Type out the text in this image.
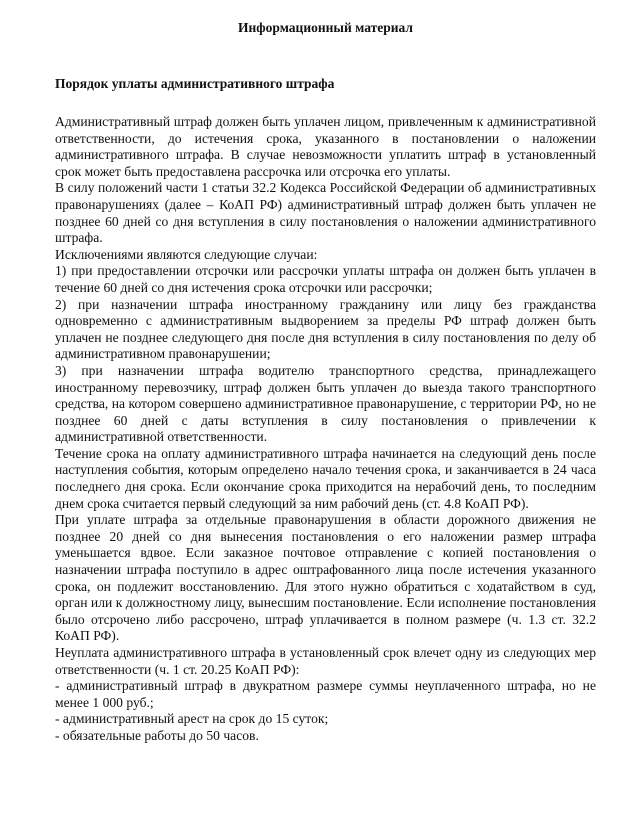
Информационный материал
Порядок уплаты административного штрафа

Административный штраф должен быть уплачен лицом, привлеченным к административной ответственности, до истечения срока, указанного в постановлении о наложении административного штрафа. В случае невозможности уплатить штраф в установленный срок может быть предоставлена рассрочка или отсрочка его уплаты.

В силу положений части 1 статьи 32.2 Кодекса Российской Федерации об административных правонарушениях (далее – КоАП РФ) административный штраф должен быть уплачен не позднее 60 дней со дня вступления в силу постановления о наложении административного штрафа.

Исключениями являются следующие случаи:

1) при предоставлении отсрочки или рассрочки уплаты штрафа он должен быть уплачен в течение 60 дней со дня истечения срока отсрочки или рассрочки;

2) при назначении штрафа иностранному гражданину или лицу без гражданства одновременно с административным выдворением за пределы РФ штраф должен быть уплачен не позднее следующего дня после дня вступления в силу постановления по делу об административном правонарушении;

3) при назначении штрафа водителю транспортного средства, принадлежащего иностранному перевозчику, штраф должен быть уплачен до выезда такого транспортного средства, на котором совершено административное правонарушение, с территории РФ, но не позднее 60 дней с даты вступления в силу постановления о привлечении к административной ответственности.

Течение срока на оплату административного штрафа начинается на следующий день после наступления события, которым определено начало течения срока, и заканчивается в 24 часа последнего дня срока. Если окончание срока приходится на нерабочий день, то последним днем срока считается первый следующий за ним рабочий день (ст. 4.8 КоАП РФ).

При уплате штрафа за отдельные правонарушения в области дорожного движения не позднее 20 дней со дня вынесения постановления о его наложении размер штрафа уменьшается вдвое. Если заказное почтовое отправление с копией постановления о назначении штрафа поступило в адрес оштрафованного лица после истечения указанного срока, он подлежит восстановлению. Для этого нужно обратиться с ходатайством в суд, орган или к должностному лицу, вынесшим постановление. Если исполнение постановления было отсрочено либо рассрочено, штраф уплачивается в полном размере (ч. 1.3 ст. 32.2 КоАП РФ).

Неуплата административного штрафа в установленный срок влечет одну из следующих мер ответственности (ч. 1 ст. 20.25 КоАП РФ):

- административный штраф в двукратном размере суммы неуплаченного штрафа, но не менее 1 000 руб.;

- административный арест на срок до 15 суток;

- обязательные работы до 50 часов.
